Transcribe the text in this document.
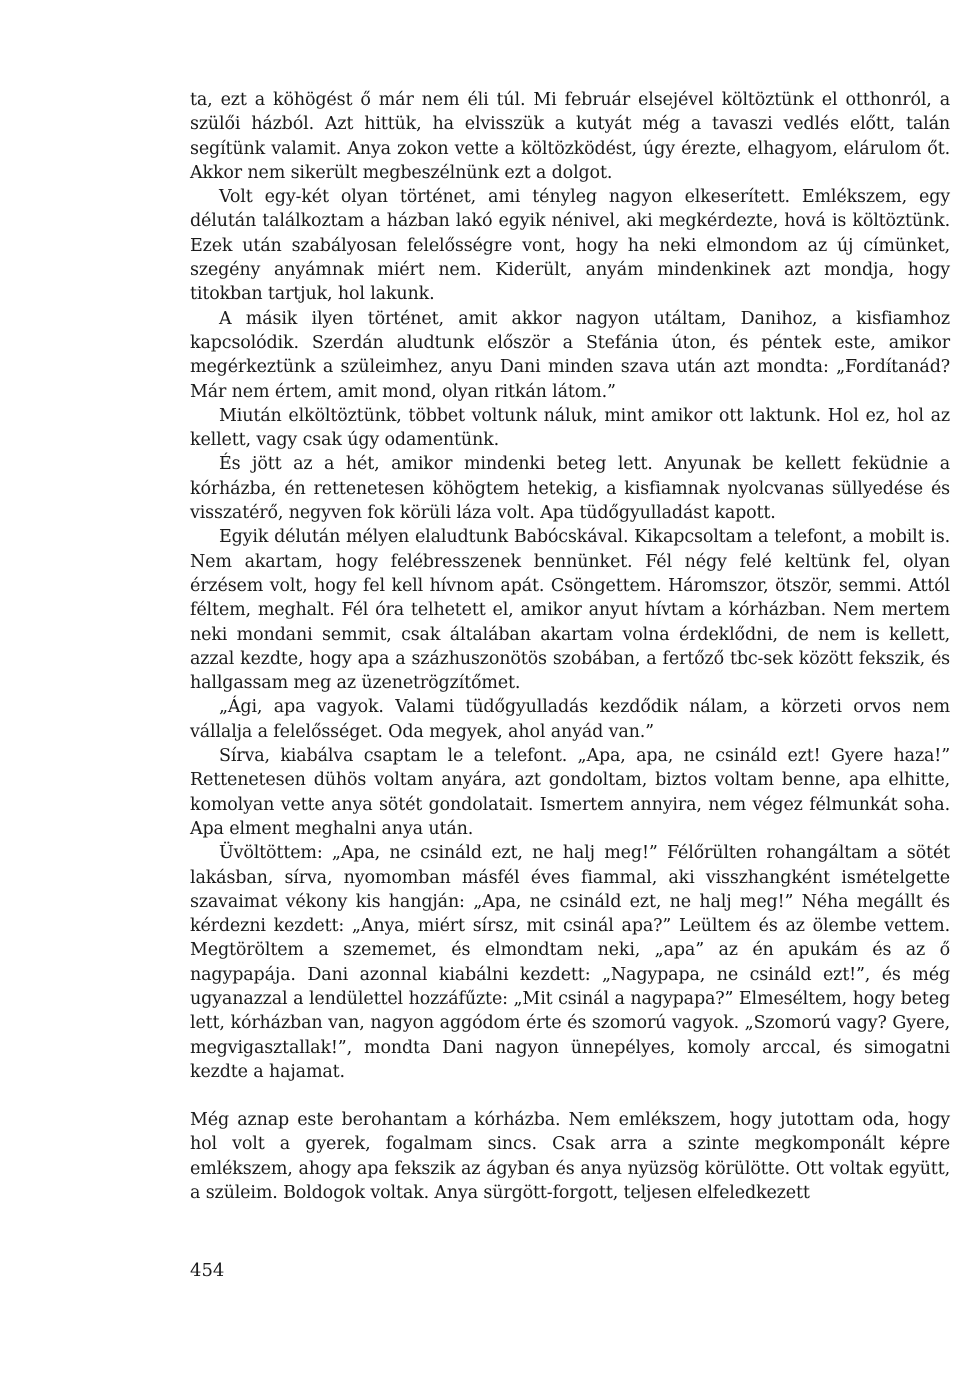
ta, ezt a köhögést ő már nem éli túl. Mi február elsejével költöztünk el otthonról, a szülői házból. Azt hittük, ha elvisszük a kutyát még a tavaszi vedlés előtt, talán segítünk valamit. Anya zokon vette a költözködést, úgy érezte, elhagyom, elárulom őt. Akkor nem sikerült megbeszélnünk ezt a dolgot.

Volt egy-két olyan történet, ami tényleg nagyon elkeserített. Emlékszem, egy délután találkoztam a házban lakó egyik nénivel, aki megkérdezte, hová is költöztünk. Ezek után szabályosan felelősségre vont, hogy ha neki elmondom az új címünket, szegény anyámnak miért nem. Kiderült, anyám mindenkinek azt mondja, hogy titokban tartjuk, hol lakunk.

A másik ilyen történet, amit akkor nagyon utáltam, Danihoz, a kisfiamhoz kapcsolódik. Szerdán aludtunk először a Stefánia úton, és péntek este, amikor megérkeztünk a szüleimhez, anyu Dani minden szava után azt mondta: „Fordítanád? Már nem értem, amit mond, olyan ritkán látom.”

Miután elköltöztünk, többet voltunk náluk, mint amikor ott laktunk. Hol ez, hol az kellett, vagy csak úgy odamentünk.

És jött az a hét, amikor mindenki beteg lett. Anyunak be kellett feküdnie a kórházba, én rettenetesen köhögtem hetekig, a kisfiamnak nyolcvanas süllyedése és visszatérő, negyven fok körüli láza volt. Apa tüdőgyulladást kapott.

Egyik délután mélyen elaludtunk Babócskával. Kikapcsoltam a telefont, a mobilt is. Nem akartam, hogy felébresszenek bennünket. Fél négy felé keltünk fel, olyan érzésem volt, hogy fel kell hívnom apát. Csöngettem. Háromszor, ötször, semmi. Attól féltem, meghalt. Fél óra telhetett el, amikor anyut hívtam a kórházban. Nem mertem neki mondani semmit, csak általában akartam volna érdeklődni, de nem is kellett, azzal kezdte, hogy apa a százhuszonötös szobában, a fertőző tbc-sek között fekszik, és hallgassam meg az üzenetrögzítőmet.

„Ági, apa vagyok. Valami tüdőgyulladás kezdődik nálam, a körzeti orvos nem vállalja a felelősséget. Oda megyek, ahol anyád van.”

Sírva, kiabálva csaptam le a telefont. „Apa, apa, ne csináld ezt! Gyere haza!” Rettenetesen dühös voltam anyára, azt gondoltam, biztos voltam benne, apa elhitte, komolyan vette anya sötét gondolatait. Ismertem annyira, nem végez félmunkát soha. Apa elment meghalni anya után.

Üvöltöttem: „Apa, ne csináld ezt, ne halj meg!” Félőrülten rohangáltam a sötét lakásban, sírva, nyomomban másfél éves fiammal, aki visszhangként ismételgette szavaimat vékony kis hangján: „Apa, ne csináld ezt, ne halj meg!” Néha megállt és kérdezni kezdett: „Anya, miért sírsz, mit csinál apa?” Leültem és az ölembe vettem. Megtöröltem a szememet, és elmondtam neki, „apa” az én apukám és az ő nagypapája. Dani azonnal kiabálni kezdett: „Nagypapa, ne csináld ezt!”, és még ugyanazzal a lendülettel hozzáfűzte: „Mit csinál a nagypapa?” Elmeséltem, hogy beteg lett, kórházban van, nagyon aggódom érte és szomorú vagyok. „Szomorú vagy? Gyere, megvigasztallak!”, mondta Dani nagyon ünnepélyes, komoly arccal, és simogatni kezdte a hajamat.

Még aznap este berohantam a kórházba. Nem emlékszem, hogy jutottam oda, hogy hol volt a gyerek, fogalmam sincs. Csak arra a szinte megkomponált képre emlékszem, ahogy apa fekszik az ágyban és anya nyüzsög körülötte. Ott voltak együtt, a szüleim. Boldogok voltak. Anya sürgött-forgott, teljesen elfeledkezett

454
